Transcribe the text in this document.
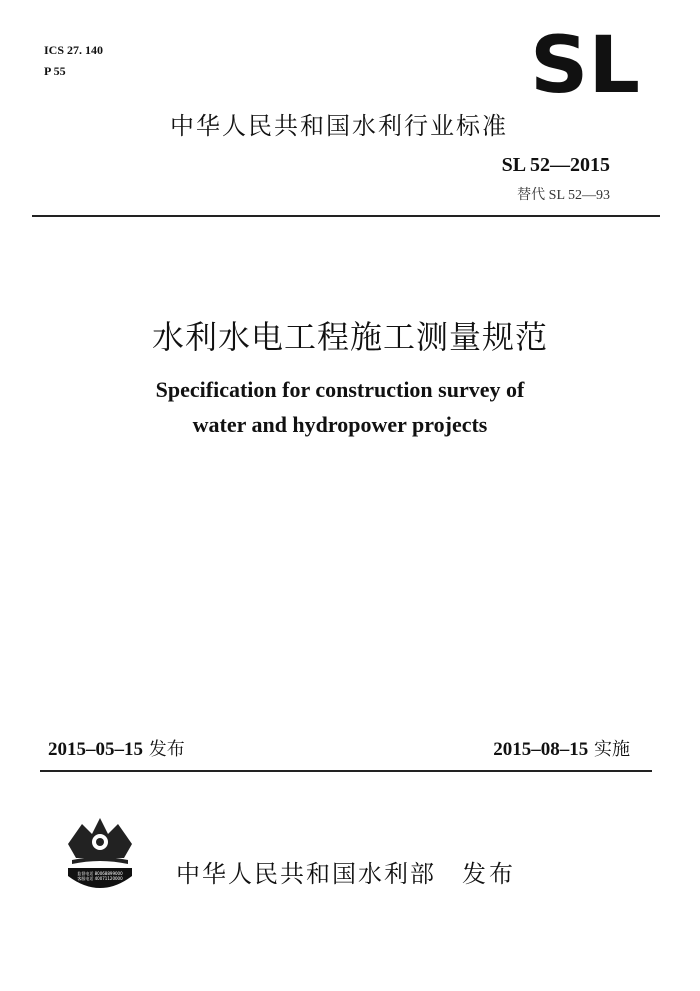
ICS 27. 140
P 55	SL
中华人民共和国水利行业标准
SL 52—2015
替代 SL 52—93
水利水电工程施工测量规范
Specification for construction survey of
water and hydropower projects
2015–05–15 发布	2015–08–15 实施
监督电话 80068899000
客服电话 40071120000	中华人民共和国水利部 发布
